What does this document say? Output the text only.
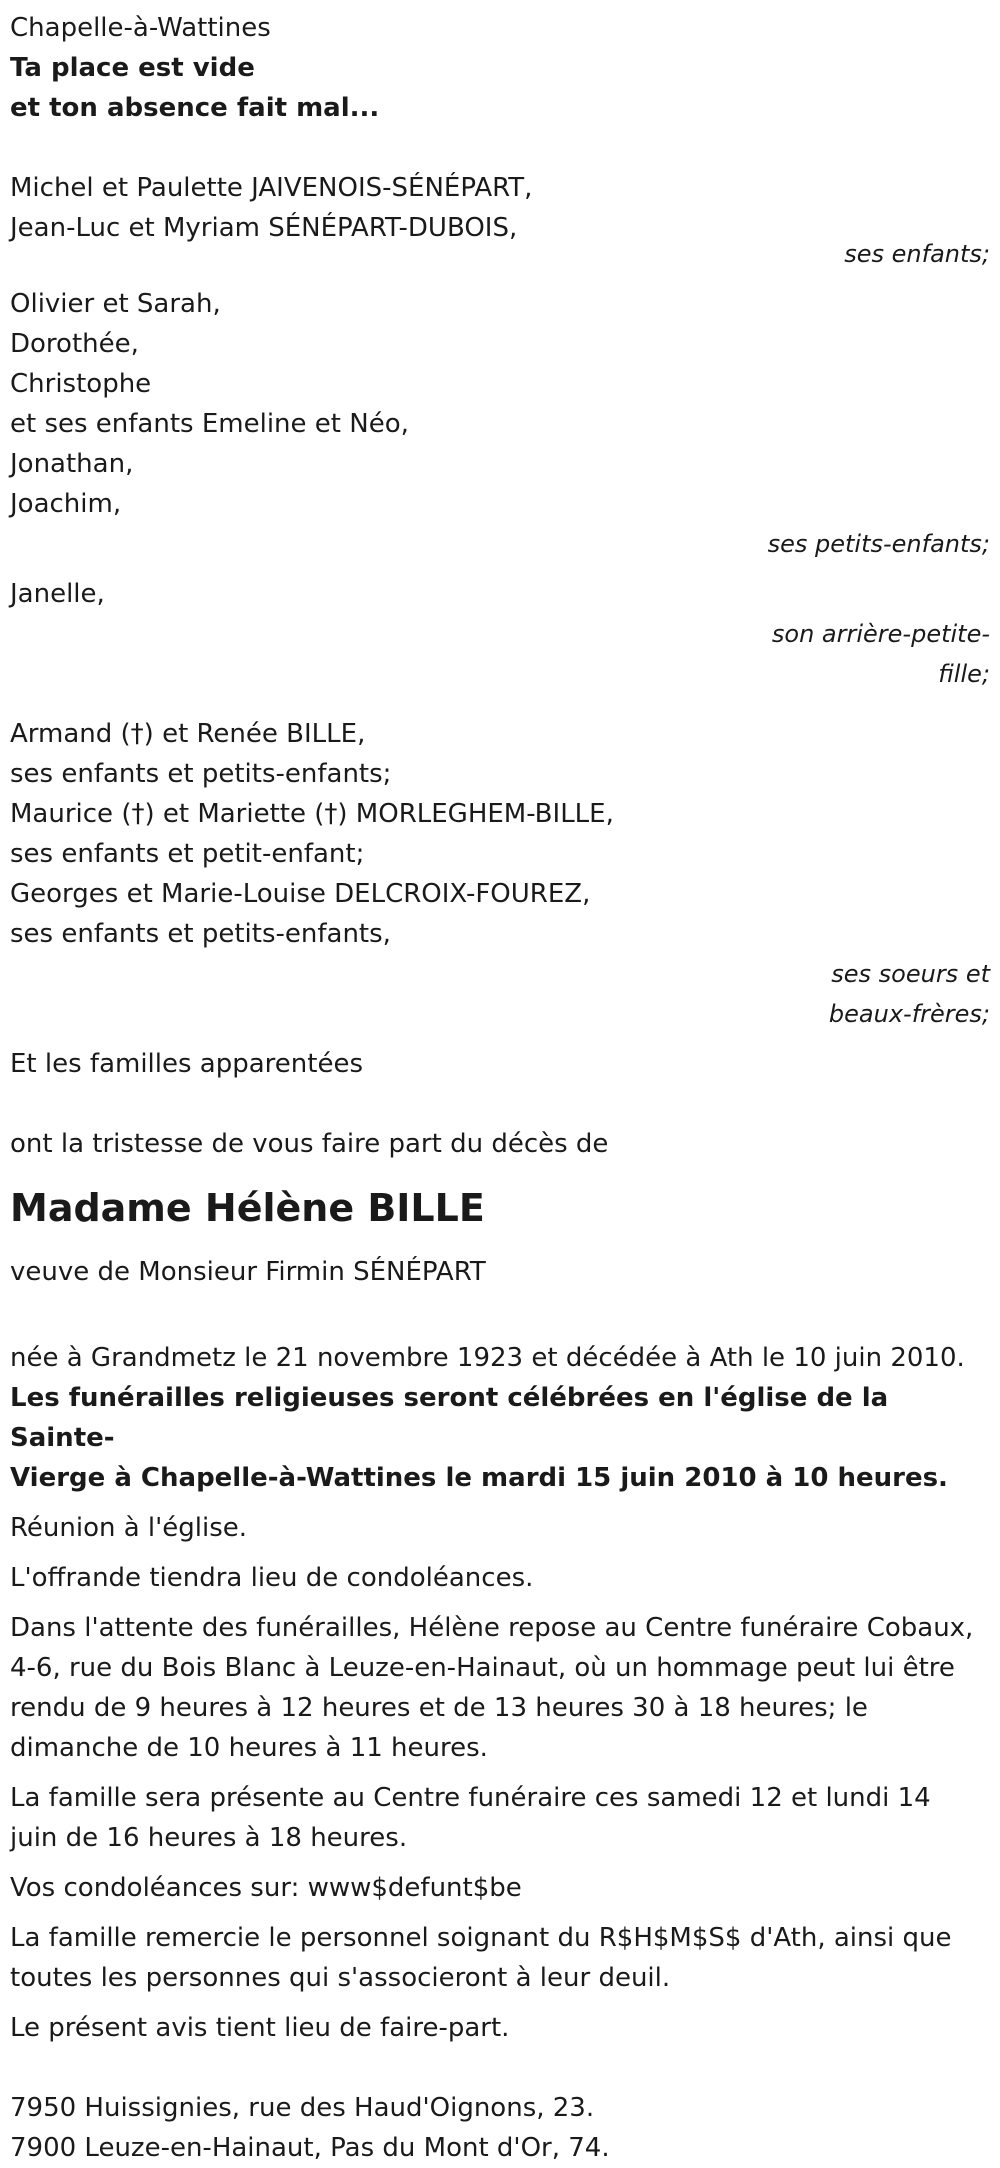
Chapelle-à-Wattines

Ta place est vide

et ton absence fait mal...

Michel et Paulette JAIVENOIS-SÉNÉPART,

Jean-Luc et Myriam SÉNÉPART-DUBOIS,

ses enfants;

Olivier et Sarah,

Dorothée,

Christophe

et ses enfants Emeline et Néo,

Jonathan,

Joachim,

ses petits-enfants;

Janelle,

son arrière-petite-

fille;

Armand (†) et Renée BILLE,

ses enfants et petits-enfants;

Maurice (†) et Mariette (†) MORLEGHEM-BILLE,

ses enfants et petit-enfant;

Georges et Marie-Louise DELCROIX-FOUREZ,

ses enfants et petits-enfants,

ses soeurs et

beaux-frères;

Et les familles apparentées

ont la tristesse de vous faire part du décès de

Madame Hélène BILLE

veuve de Monsieur Firmin SÉNÉPART

née à Grandmetz le 21 novembre 1923 et décédée à Ath le 10 juin 2010.

Les funérailles religieuses seront célébrées en l'église de la Sainte-

Vierge à Chapelle-à-Wattines le mardi 15 juin 2010 à 10 heures.

Réunion à l'église.

L'offrande tiendra lieu de condoléances.

Dans l'attente des funérailles, Hélène repose au Centre funéraire Cobaux,

4-6, rue du Bois Blanc à Leuze-en-Hainaut, où un hommage peut lui être

rendu de 9 heures à 12 heures et de 13 heures 30 à 18 heures; le

dimanche de 10 heures à 11 heures.

La famille sera présente au Centre funéraire ces samedi 12 et lundi 14

juin de 16 heures à 18 heures.

Vos condoléances sur: www$defunt$be

La famille remercie le personnel soignant du R$H$M$S$ d'Ath, ainsi que

toutes les personnes qui s'associeront à leur deuil.

Le présent avis tient lieu de faire-part.

7950 Huissignies, rue des Haud'Oignons, 23.

7900 Leuze-en-Hainaut, Pas du Mont d'Or, 74.
